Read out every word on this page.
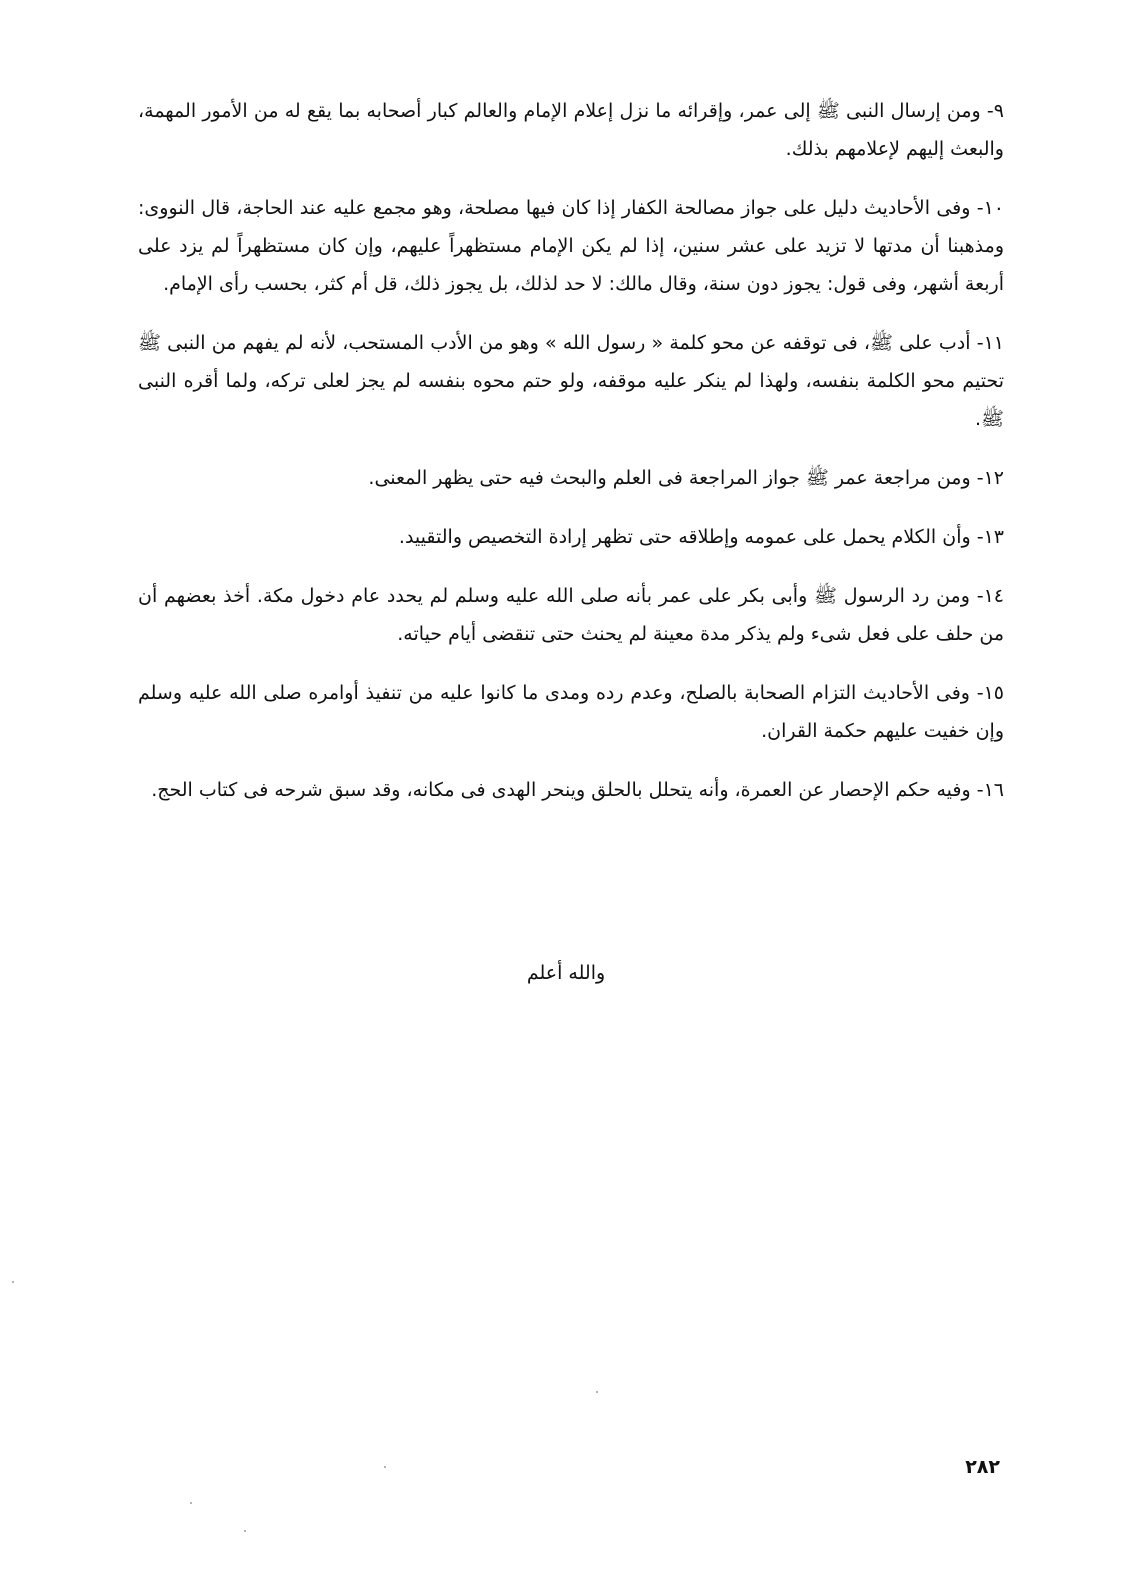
٩- ومن إرسال النبى ﷺ إلى عمر، وإقرائه ما نزل إعلام الإمام والعالم كبار أصحابه بما يقع له من الأمور المهمة، والبعث إليهم لإعلامهم بذلك.

١٠- وفى الأحاديث دليل على جواز مصالحة الكفار إذا كان فيها مصلحة، وهو مجمع عليه عند الحاجة، قال النووى: ومذهبنا أن مدتها لا تزيد على عشر سنين، إذا لم يكن الإمام مستظهراً عليهم، وإن كان مستظهراً لم يزد على أربعة أشهر، وفى قول: يجوز دون سنة، وقال مالك: لا حد لذلك، بل يجوز ذلك، قل أم كثر، بحسب رأى الإمام.

١١- أدب على ﷺ، فى توقفه عن محو كلمة « رسول الله » وهو من الأدب المستحب، لأنه لم يفهم من النبى ﷺ تحتيم محو الكلمة بنفسه، ولهذا لم ينكر عليه موقفه، ولو حتم محوه بنفسه لم يجز لعلى تركه، ولما أقره النبى ﷺ.

١٢- ومن مراجعة عمر ﷺ جواز المراجعة فى العلم والبحث فيه حتى يظهر المعنى.

١٣- وأن الكلام يحمل على عمومه وإطلاقه حتى تظهر إرادة التخصيص والتقييد.

١٤- ومن رد الرسول ﷺ وأبى بكر على عمر بأنه صلى الله عليه وسلم لم يحدد عام دخول مكة. أخذ بعضهم أن من حلف على فعل شىء ولم يذكر مدة معينة لم يحنث حتى تنقضى أيام حياته.

١٥- وفى الأحاديث التزام الصحابة بالصلح، وعدم رده ومدى ما كانوا عليه من تنفيذ أوامره صلى الله عليه وسلم وإن خفيت عليهم حكمة القران.

١٦- وفيه حكم الإحصار عن العمرة، وأنه يتحلل بالحلق وينحر الهدى فى مكانه، وقد سبق شرحه فى كتاب الحج.

والله أعلم
٢٨٢
